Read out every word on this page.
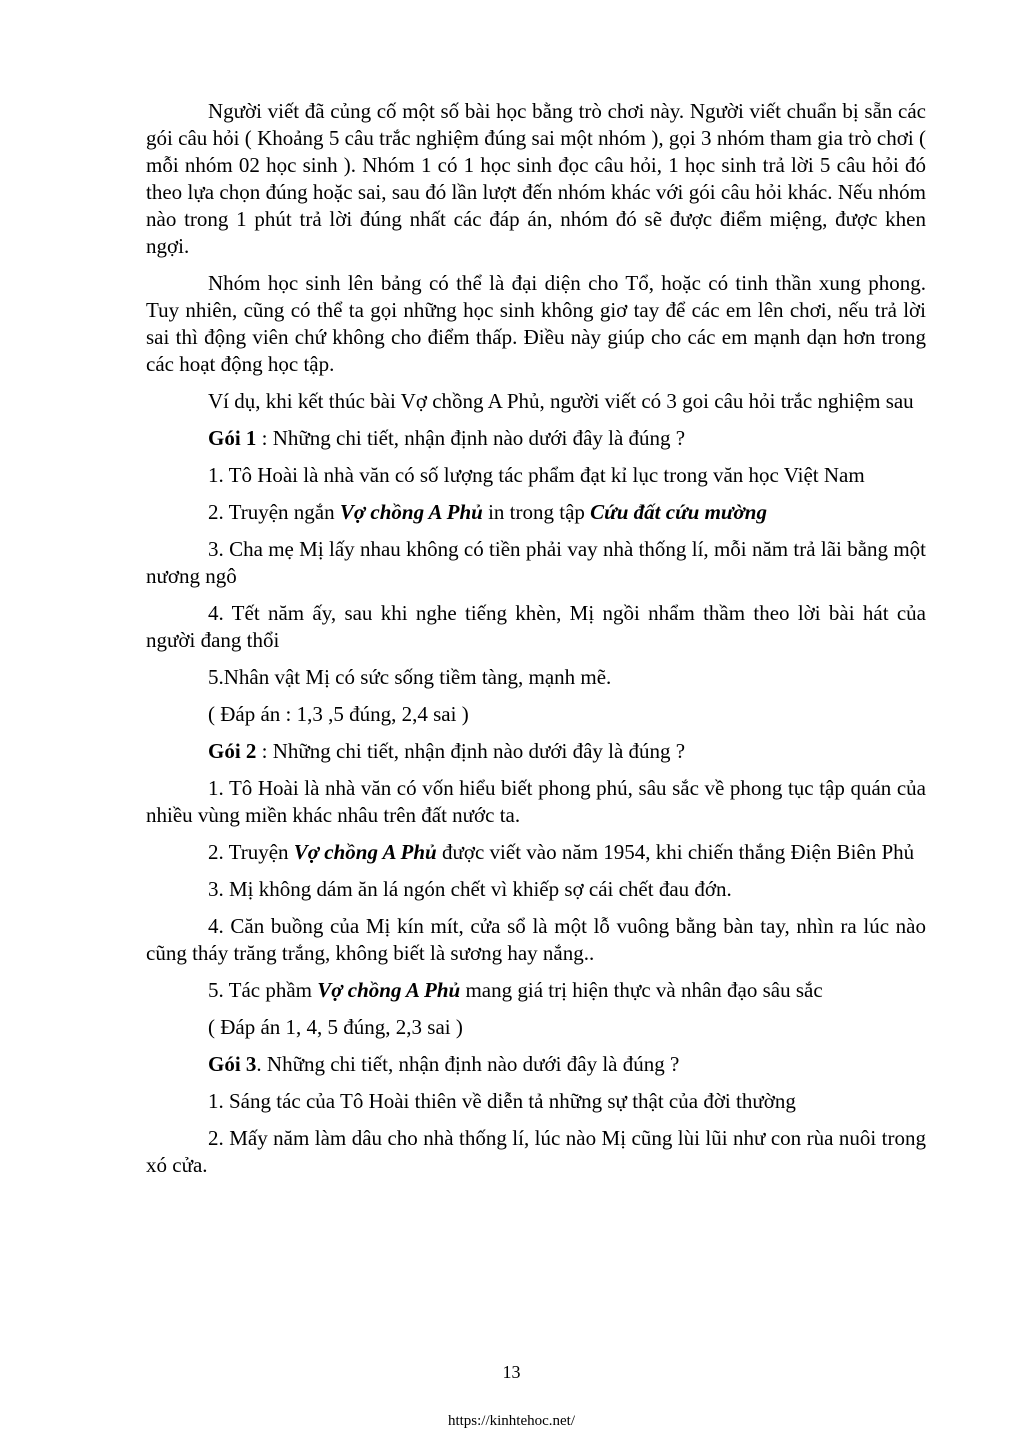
Người viết đã củng cố một số bài học bằng trò chơi này. Người viết chuẩn bị sẵn các gói câu hỏi ( Khoảng 5 câu trắc nghiệm đúng sai một nhóm ), gọi 3 nhóm tham gia trò chơi ( mỗi nhóm 02 học sinh ). Nhóm 1 có 1 học sinh đọc câu hỏi, 1 học sinh trả lời 5 câu hỏi đó theo lựa chọn đúng hoặc sai, sau đó lần lượt đến nhóm khác với gói câu hỏi khác. Nếu nhóm nào trong 1 phút trả lời đúng nhất các đáp án, nhóm đó sẽ được điểm miệng, được khen ngợi.

Nhóm học sinh lên bảng có thể là đại diện cho Tổ, hoặc có tinh thần xung phong. Tuy nhiên, cũng có thể ta gọi những học sinh không giơ tay để các em lên chơi, nếu trả lời sai thì động viên chứ không cho điểm thấp. Điều này giúp cho các em mạnh dạn hơn trong các hoạt động học tập.

Ví dụ, khi kết thúc bài Vợ chồng A Phủ, người viết có 3 goi câu hỏi trắc nghiệm sau

Gói 1 : Những chi tiết, nhận định nào dưới đây là đúng ?

1. Tô Hoài là nhà văn có số lượng tác phẩm đạt kỉ lục trong văn học Việt Nam

2. Truyện ngắn Vợ chồng A Phủ in trong tập Cứu đất cứu mường

3. Cha mẹ Mị lấy nhau không có tiền phải vay nhà thống lí, mỗi năm trả lãi bằng một nương ngô

4. Tết năm ấy, sau khi nghe tiếng khèn, Mị ngồi nhẩm thầm theo lời bài hát của người đang thổi

5.Nhân vật Mị có sức sống tiềm tàng, mạnh mẽ.

( Đáp án : 1,3 ,5 đúng, 2,4 sai )

Gói 2 : Những chi tiết, nhận định nào dưới đây là đúng ?

1. Tô Hoài là nhà văn có vốn hiểu biết phong phú, sâu sắc về phong tục tập quán của nhiều vùng miền khác nhâu trên đất nước ta.

2. Truyện Vợ chồng A Phủ được viết vào năm 1954, khi chiến thắng Điện Biên Phủ

3. Mị không dám ăn lá ngón chết vì khiếp sợ cái chết đau đớn.

4. Căn buồng của Mị kín mít, cửa sổ là một lỗ vuông bằng bàn tay, nhìn ra lúc nào cũng tháy trăng trắng, không biết là sương hay nắng..

5. Tác phầm Vợ chồng A Phủ mang giá trị hiện thực và nhân đạo sâu sắc

( Đáp án 1, 4, 5 đúng, 2,3 sai )

Gói 3. Những chi tiết, nhận định nào dưới đây là đúng ?

1. Sáng tác của Tô Hoài thiên về diễn tả những sự thật của đời thường

2. Mấy năm làm dâu cho nhà thống lí, lúc nào Mị cũng lùi lũi như con rùa nuôi trong xó cửa.

13
https://kinhtehoc.net/
